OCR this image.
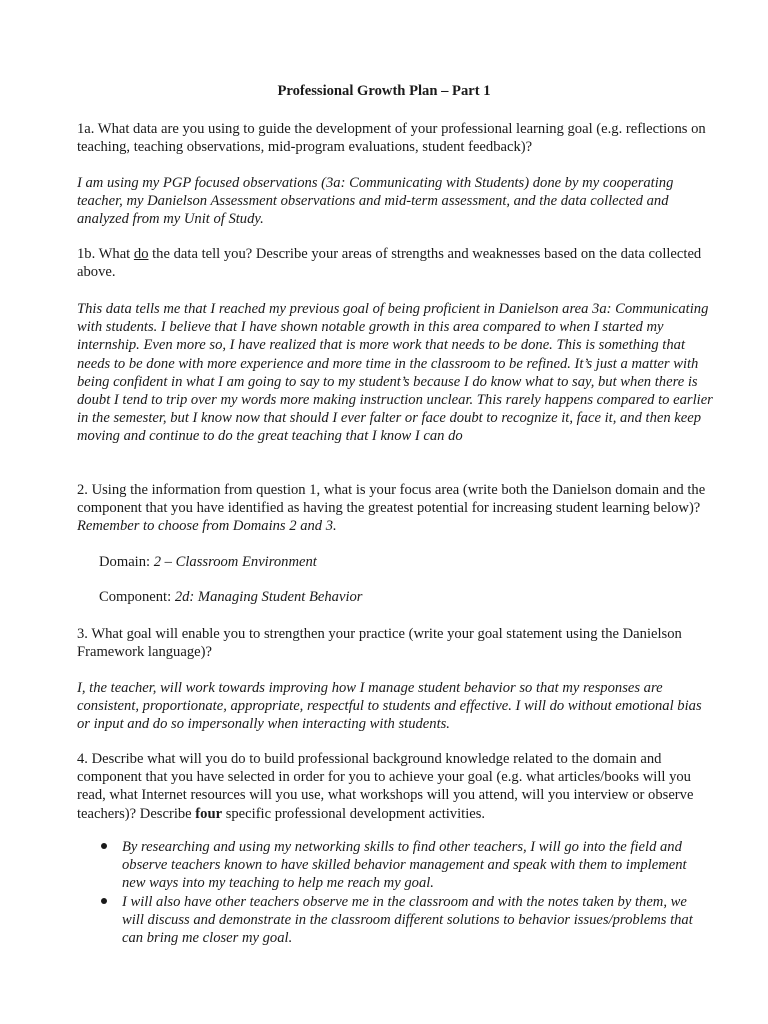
Professional Growth Plan – Part 1
1a. What data are you using to guide the development of your professional learning goal (e.g. reflections on teaching, teaching observations, mid-program evaluations, student feedback)?
I am using my PGP focused observations (3a: Communicating with Students) done by my cooperating teacher, my Danielson Assessment observations and mid-term assessment, and the data collected and analyzed from my Unit of Study.
1b. What do the data tell you? Describe your areas of strengths and weaknesses based on the data collected above.
This data tells me that I reached my previous goal of being proficient in Danielson area 3a: Communicating with students. I believe that I have shown notable growth in this area compared to when I started my internship. Even more so, I have realized that is more work that needs to be done. This is something that needs to be done with more experience and more time in the classroom to be refined. It’s just a matter with being confident in what I am going to say to my student’s because I do know what to say, but when there is doubt I tend to trip over my words more making instruction unclear. This rarely happens compared to earlier in the semester, but I know now that should I ever falter or face doubt to recognize it, face it, and then keep moving and continue to do the great teaching that I know I can do
2. Using the information from question 1, what is your focus area (write both the Danielson domain and the component that you have identified as having the greatest potential for increasing student learning below)? Remember to choose from Domains 2 and 3.
Domain: 2 – Classroom Environment
Component: 2d: Managing Student Behavior
3. What goal will enable you to strengthen your practice (write your goal statement using the Danielson Framework language)?
I, the teacher, will work towards improving how I manage student behavior so that my responses are consistent, proportionate, appropriate, respectful to students and effective. I will do without emotional bias or input and do so impersonally when interacting with students.
4. Describe what will you do to build professional background knowledge related to the domain and component that you have selected in order for you to achieve your goal (e.g. what articles/books will you read, what Internet resources will you use, what workshops will you attend, will you interview or observe teachers)? Describe four specific professional development activities.
By researching and using my networking skills to find other teachers, I will go into the field and observe teachers known to have skilled behavior management and speak with them to implement new ways into my teaching to help me reach my goal.
I will also have other teachers observe me in the classroom and with the notes taken by them, we will discuss and demonstrate in the classroom different solutions to behavior issues/problems that can bring me closer my goal.
